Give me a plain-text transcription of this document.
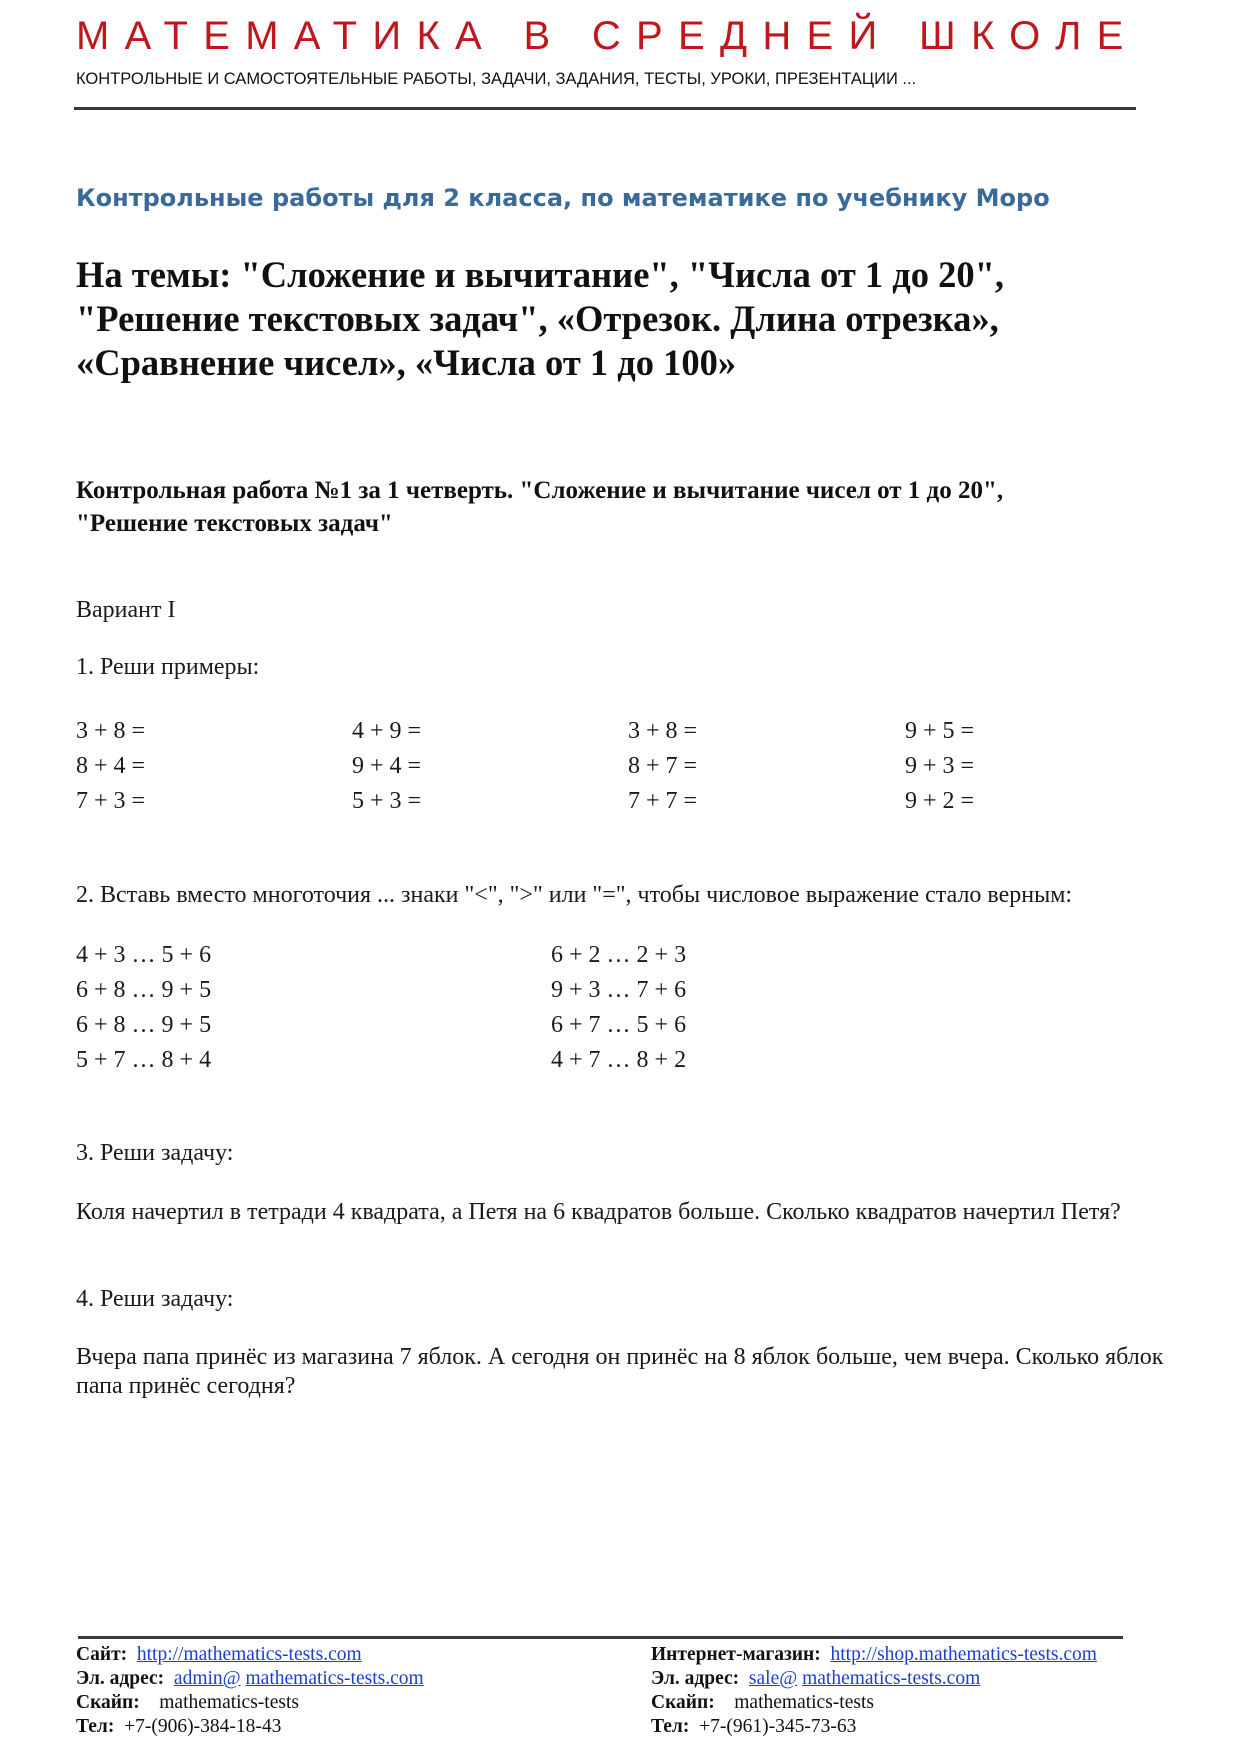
МАТЕМАТИКА В СРЕДНЕЙ ШКОЛЕ
КОНТРОЛЬНЫЕ И САМОСТОЯТЕЛЬНЫЕ РАБОТЫ, ЗАДАЧИ, ЗАДАНИЯ, ТЕСТЫ, УРОКИ, ПРЕЗЕНТАЦИИ ...
Контрольные работы для 2 класса, по математике по учебнику Моро
На темы: "Сложение и вычитание", "Числа от 1 до 20",
"Решение текстовых задач", «Отрезок. Длина отрезка»,
«Сравнение чисел», «Числа от 1 до 100»
Контрольная работа №1 за 1 четверть. "Сложение и вычитание чисел от 1 до 20",
"Решение текстовых задач"
Вариант I
1. Реши примеры:
3 + 8 =
8 + 4 =
7 + 3 =
4 + 9 =
9 + 4 =
5 + 3 =
3 + 8 =
8 + 7 =
7 + 7 =
9 + 5 =
9 + 3 =
9 + 2 =
2. Вставь вместо многоточия ... знаки "<", ">" или "=", чтобы числовое выражение стало верным:
4 + 3 … 5 + 6
6 + 8 … 9 + 5
6 + 8 … 9 + 5
5 + 7 … 8 + 4
6 + 2 … 2 + 3
9 + 3 … 7 + 6
6 + 7 … 5 + 6
4 + 7 … 8 + 2
3. Реши задачу:
Коля начертил в тетради 4 квадрата, а Петя на 6 квадратов больше. Сколько квадратов начертил Петя?
4. Реши задачу:
Вчера папа принёс из магазина 7 яблок. А сегодня он принёс на 8 яблок больше, чем вчера. Сколько яблок папа принёс сегодня?
Сайт: http://mathematics-tests.com
Эл. адрес: admin@ mathematics-tests.com
Скайп: mathematics-tests
Тел: +7-(906)-384-18-43
Интернет-магазин: http://shop.mathematics-tests.com
Эл. адрес: sale@ mathematics-tests.com
Скайп: mathematics-tests
Тел: +7-(961)-345-73-63
